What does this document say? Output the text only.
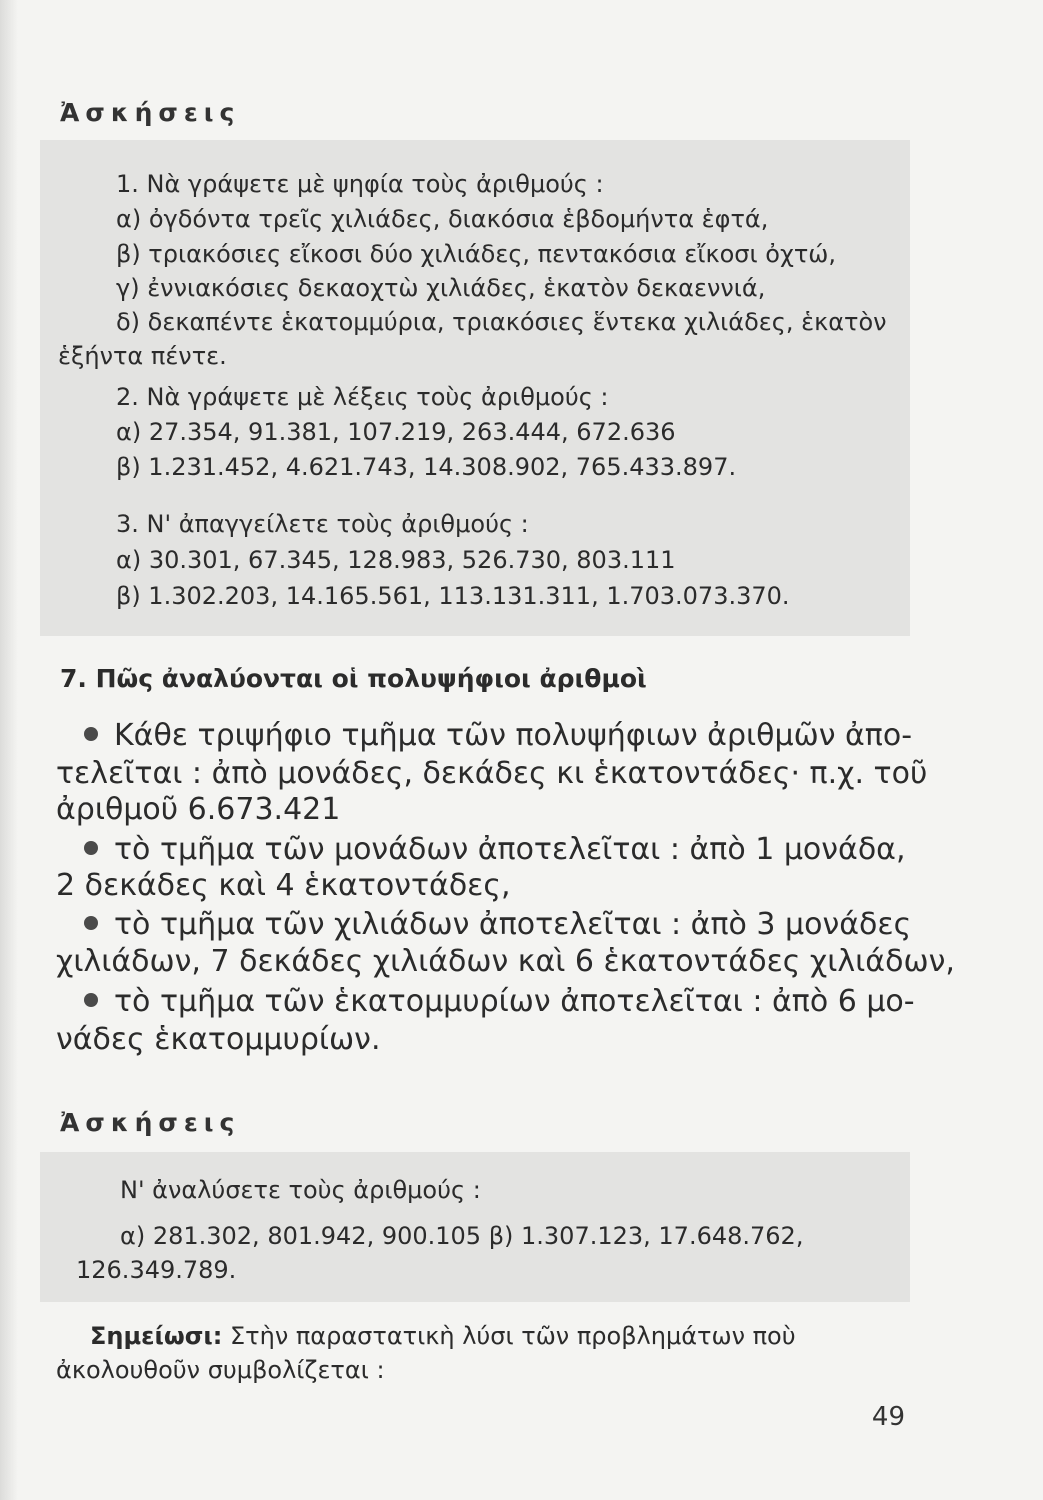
Ἀσκήσεις
1. Νὰ γράψετε μὲ ψηφία τοὺς ἀριθμούς :
α) ὀγδόντα τρεῖς χιλιάδες, διακόσια ἑβδομήντα ἑφτά,
β) τριακόσιες εἴκοσι δύο χιλιάδες, πεντακόσια εἴκοσι ὀχτώ,
γ) ἐννιακόσιες δεκαοχτὼ χιλιάδες, ἑκατὸν δεκαεννιά,
δ) δεκαπέντε ἑκατομμύρια, τριακόσιες ἕντεκα χιλιάδες, ἑκατὸν
ἑξήντα πέντε.
2. Νὰ γράψετε μὲ λέξεις τοὺς ἀριθμούς :
α) 27.354, 91.381, 107.219, 263.444, 672.636
β) 1.231.452, 4.621.743, 14.308.902, 765.433.897.
3. Ν' ἀπαγγείλετε τοὺς ἀριθμούς :
α) 30.301, 67.345, 128.983, 526.730, 803.111
β) 1.302.203, 14.165.561, 113.131.311, 1.703.073.370.
7. Πῶς ἀναλύονται οἱ πολυψήφιοι ἀριθμοὶ
Κάθε τριψήφιο τμῆμα τῶν πολυψήφιων ἀριθμῶν ἀπο-
τελεῖται : ἀπὸ μονάδες, δεκάδες κι ἑκατοντάδες· π.χ. τοῦ
ἀριθμοῦ 6.673.421
τὸ τμῆμα τῶν μονάδων ἀποτελεῖται : ἀπὸ 1 μονάδα,
2 δεκάδες καὶ 4 ἑκατοντάδες,
τὸ τμῆμα τῶν χιλιάδων ἀποτελεῖται : ἀπὸ 3 μονάδες
χιλιάδων, 7 δεκάδες χιλιάδων καὶ 6 ἑκατοντάδες χιλιάδων,
τὸ τμῆμα τῶν ἑκατομμυρίων ἀποτελεῖται : ἀπὸ 6 μο-
νάδες ἑκατομμυρίων.
Ἀσκήσεις
Ν' ἀναλύσετε τοὺς ἀριθμούς :
α) 281.302, 801.942, 900.105 β) 1.307.123, 17.648.762,
126.349.789.
Σημείωσι: Στὴν παραστατικὴ λύσι τῶν προβλημάτων ποὺ
ἀκολουθοῦν συμβολίζεται :
49
